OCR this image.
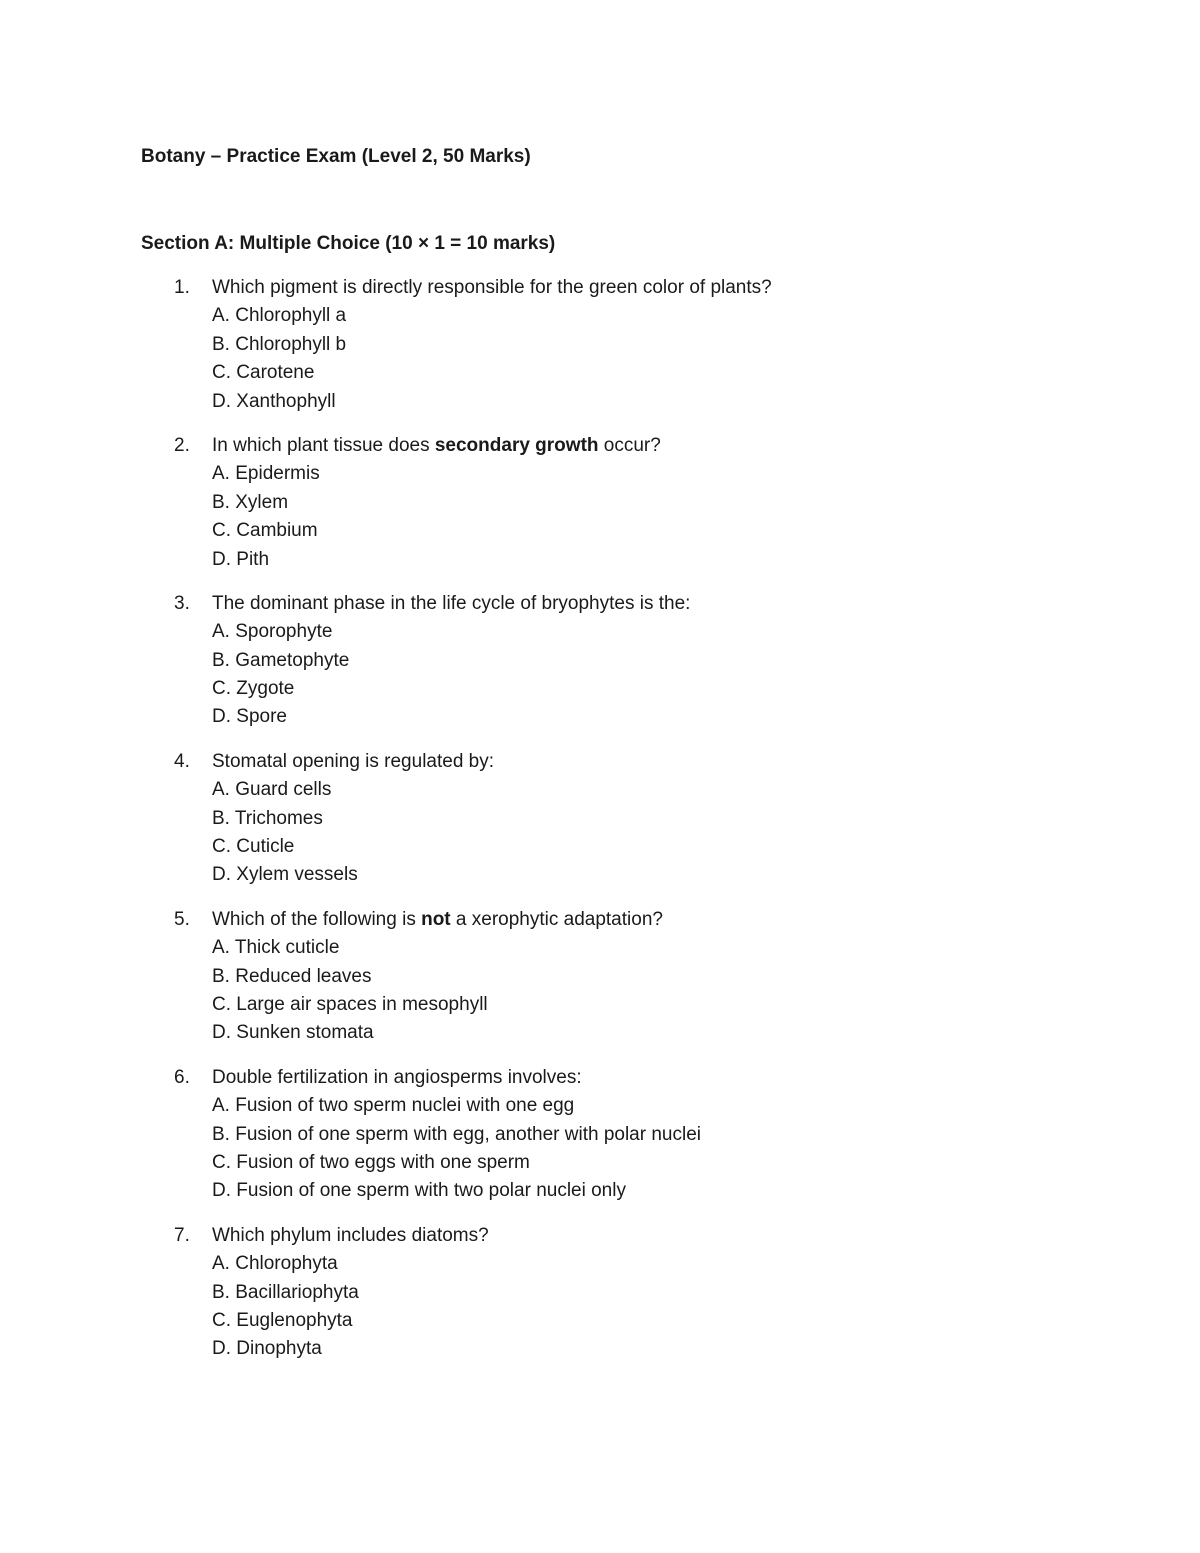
Botany – Practice Exam (Level 2, 50 Marks)
Section A: Multiple Choice (10 × 1 = 10 marks)
1. Which pigment is directly responsible for the green color of plants?
A. Chlorophyll a
B. Chlorophyll b
C. Carotene
D. Xanthophyll
2. In which plant tissue does secondary growth occur?
A. Epidermis
B. Xylem
C. Cambium
D. Pith
3. The dominant phase in the life cycle of bryophytes is the:
A. Sporophyte
B. Gametophyte
C. Zygote
D. Spore
4. Stomatal opening is regulated by:
A. Guard cells
B. Trichomes
C. Cuticle
D. Xylem vessels
5. Which of the following is not a xerophytic adaptation?
A. Thick cuticle
B. Reduced leaves
C. Large air spaces in mesophyll
D. Sunken stomata
6. Double fertilization in angiosperms involves:
A. Fusion of two sperm nuclei with one egg
B. Fusion of one sperm with egg, another with polar nuclei
C. Fusion of two eggs with one sperm
D. Fusion of one sperm with two polar nuclei only
7. Which phylum includes diatoms?
A. Chlorophyta
B. Bacillariophyta
C. Euglenophyta
D. Dinophyta
